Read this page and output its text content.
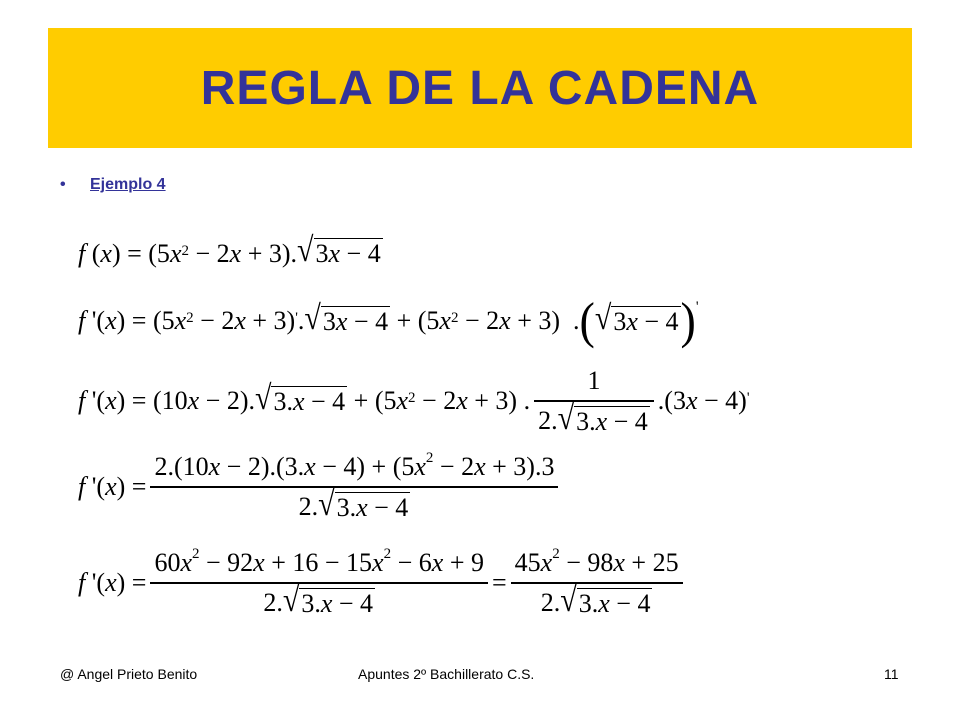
REGLA DE LA CADENA
•	Ejemplo 4
f ( x ) = (5 $x^2 - 2$ x + 3). √ 3x − 4
f '( x ) = (5 $x^2 - 2$ x + 3)' . √ 3x − 4 + (5 $x^2 - 2$ x + 3)  . ( √ 3x − 4 )'
f '( x ) = (10 x − 2). √ 3.x − 4 + (5 $x^2 - 2$ x + 3) . $\frac{1}{2. √ 3.x - 4} .(3$ x − 4)'
f '( x ) = $\frac{2.(10x - 2).(3.x - 4) + (5x^2 - 2x + 3).3}{2. √ 3.x - 4}$
f '( x ) = $\frac{60x^2 - 92x + 16 - 15x^2 - 6x + 9}{2. √ 3.x - 4} = \frac{45x^2 - 98x + 25}{2. √ 3.x - 4}$
@ Angel Prieto Benito	Apuntes 2º Bachillerato C.S.	11
